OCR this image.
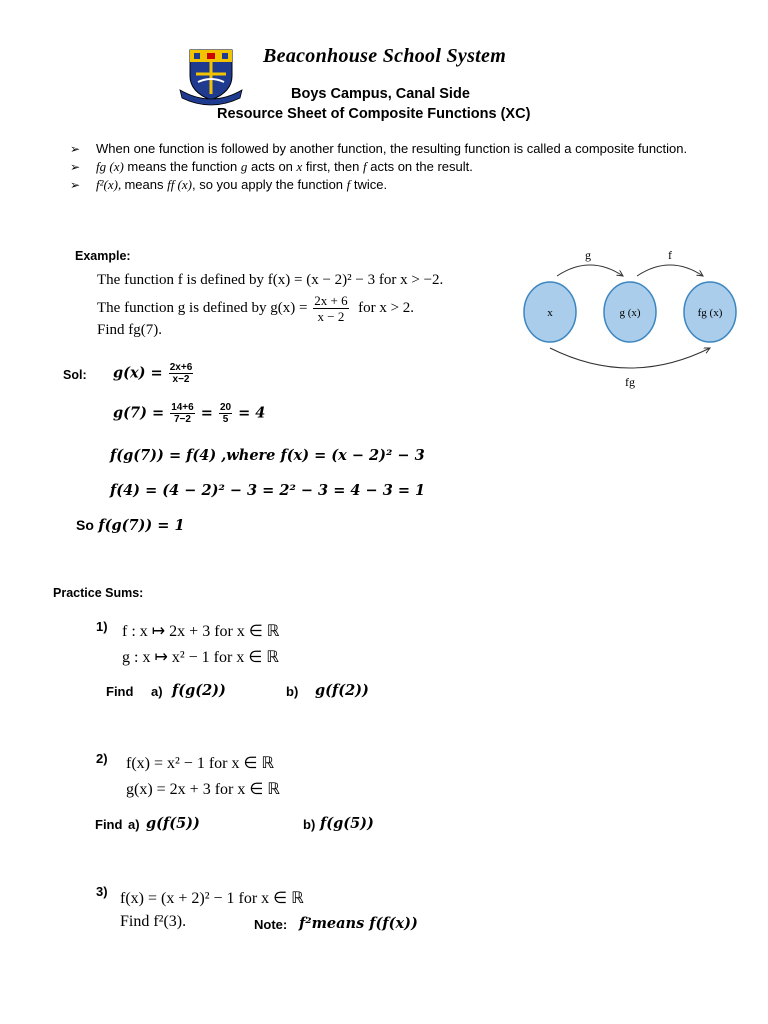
Beaconhouse School System
Boys Campus, Canal Side
Resource Sheet of Composite Functions (XC)
➢ When one function is followed by another function, the resulting function is called a composite function.
➢ fg (x) means the function g acts on x first, then f acts on the result.
➢ f²(x), means ff (x), so you apply the function f twice.
Example:
The function f is defined by f(x) = (x − 2)² − 3 for x > −2.
The function g is defined by $g(x) = \frac{2x + 6}{x - 2}$ for x > 2.
Find fg(7).
x	g (x)	fg (x)
g	f
fg
Sol: $g(x) = \frac{2x+6}{x-2}$
$g(7) = \frac{14+6}{7-2} = \frac{20}{5} = 4$
f(g(7)) = f(4) ,where f(x) = (x − 2)² − 3
f(4) = (4 − 2)² − 3 = 2² − 3 = 4 − 3 = 1
So f(g(7)) = 1
Practice Sums:
1) f : x ↦ 2x + 3 for x ∈ ℝ
g : x ↦ x² − 1 for x ∈ ℝ
Find a) f(g(2))	b) g(f(2))
2) f(x) = x² − 1 for x ∈ ℝ
g(x) = 2x + 3 for x ∈ ℝ
Find a) g(f(5))	b) f(g(5))
3) f(x) = (x + 2)² − 1 for x ∈ ℝ
Find f²(3).	Note: f²means f(f(x))
